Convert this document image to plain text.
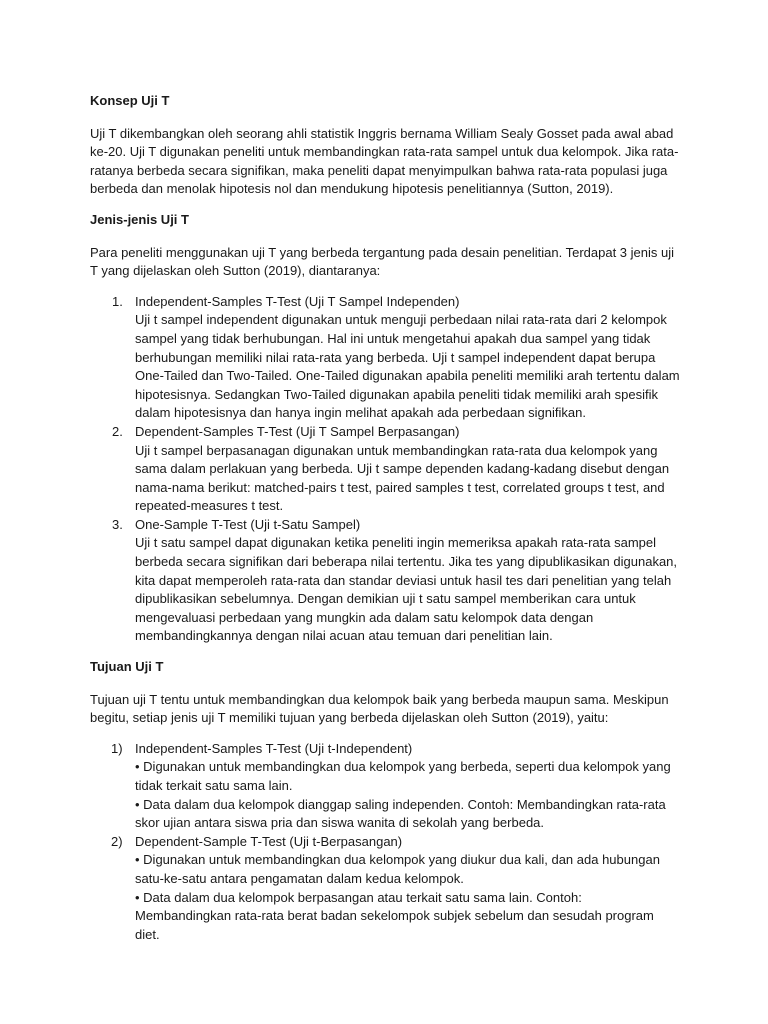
Konsep Uji T

Uji T dikembangkan oleh seorang ahli statistik Inggris bernama William Sealy Gosset pada awal abad ke-20. Uji T digunakan peneliti untuk membandingkan rata-rata sampel untuk dua kelompok. Jika rata-ratanya berbeda secara signifikan, maka peneliti dapat menyimpulkan bahwa rata-rata populasi juga berbeda dan menolak hipotesis nol dan mendukung hipotesis penelitiannya (Sutton, 2019).

Jenis-jenis Uji T

Para peneliti menggunakan uji T yang berbeda tergantung pada desain penelitian. Terdapat 3 jenis uji T yang dijelaskan oleh Sutton (2019), diantaranya:

1. Independent-Samples T-Test (Uji T Sampel Independen)
Uji t sampel independent digunakan untuk menguji perbedaan nilai rata-rata dari 2 kelompok sampel yang tidak berhubungan. Hal ini untuk mengetahui apakah dua sampel yang tidak berhubungan memiliki nilai rata-rata yang berbeda. Uji t sampel independent dapat berupa One-Tailed dan Two-Tailed. One-Tailed digunakan apabila peneliti memiliki arah tertentu dalam hipotesisnya. Sedangkan Two-Tailed digunakan apabila peneliti tidak memiliki arah spesifik dalam hipotesisnya dan hanya ingin melihat apakah ada perbedaan signifikan.
2. Dependent-Samples T-Test (Uji T Sampel Berpasangan)
Uji t sampel berpasanagan digunakan untuk membandingkan rata-rata dua kelompok yang sama dalam perlakuan yang berbeda. Uji t sampe dependen kadang-kadang disebut dengan nama-nama berikut: matched-pairs t test, paired samples t test, correlated groups t test, and repeated-measures t test.
3. One-Sample T-Test (Uji t-Satu Sampel)
Uji t satu sampel dapat digunakan ketika peneliti ingin memeriksa apakah rata-rata sampel berbeda secara signifikan dari beberapa nilai tertentu. Jika tes yang dipublikasikan digunakan, kita dapat memperoleh rata-rata dan standar deviasi untuk hasil tes dari penelitian yang telah dipublikasikan sebelumnya. Dengan demikian uji t satu sampel memberikan cara untuk mengevaluasi perbedaan yang mungkin ada dalam satu kelompok data dengan membandingkannya dengan nilai acuan atau temuan dari penelitian lain.
Tujuan Uji T

Tujuan uji T tentu untuk membandingkan dua kelompok baik yang berbeda maupun sama. Meskipun begitu, setiap jenis uji T memiliki tujuan yang berbeda dijelaskan oleh Sutton (2019), yaitu:

1) Independent-Samples T-Test (Uji t-Independent)
• Digunakan untuk membandingkan dua kelompok yang berbeda, seperti dua kelompok yang tidak terkait satu sama lain.
• Data dalam dua kelompok dianggap saling independen. Contoh: Membandingkan rata-rata skor ujian antara siswa pria dan siswa wanita di sekolah yang berbeda.
2) Dependent-Sample T-Test (Uji t-Berpasangan)
• Digunakan untuk membandingkan dua kelompok yang diukur dua kali, dan ada hubungan satu-ke-satu antara pengamatan dalam kedua kelompok.
• Data dalam dua kelompok berpasangan atau terkait satu sama lain. Contoh: Membandingkan rata-rata berat badan sekelompok subjek sebelum dan sesudah program diet.
